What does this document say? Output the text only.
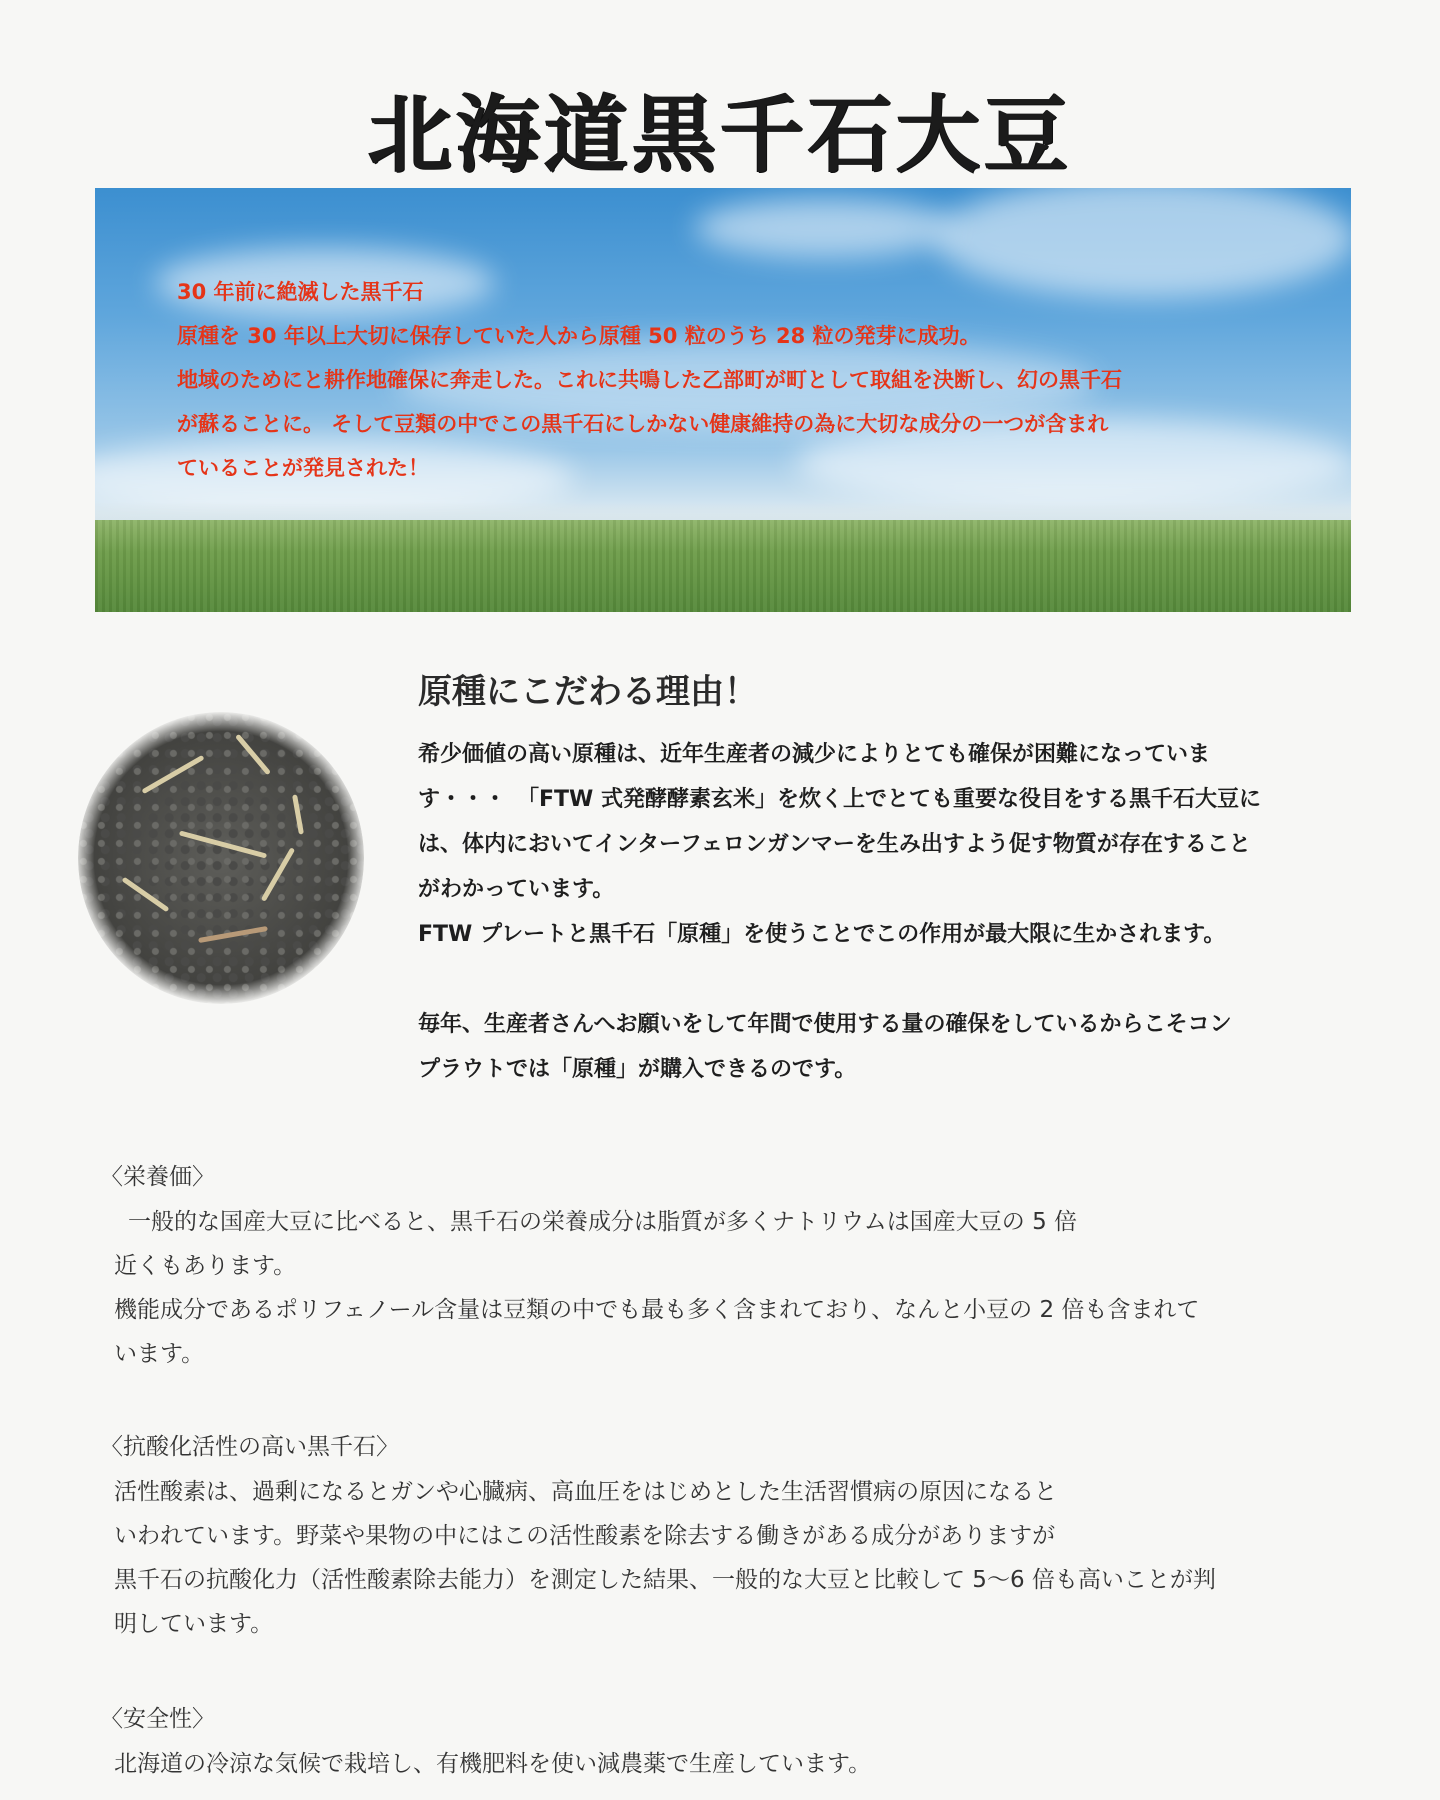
北海道黒千石大豆
30 年前に絶滅した黒千石
原種を 30 年以上大切に保存していた人から原種 50 粒のうち 28 粒の発芽に成功。
地域のためにと耕作地確保に奔走した。これに共鳴した乙部町が町として取組を決断し、幻の黒千石
が蘇ることに。 そして豆類の中でこの黒千石にしかない健康維持の為に大切な成分の一つが含まれ
ていることが発見された！
原種にこだわる理由！
希少価値の高い原種は、近年生産者の減少によりとても確保が困難になっていま
す・・・　「FTW 式発酵酵素玄米」を炊く上でとても重要な役目をする黒千石大豆に
は、体内においてインターフェロンガンマーを生み出すよう促す物質が存在すること
がわかっています。
FTW プレートと黒千石「原種」を使うことでこの作用が最大限に生かされます。
毎年、生産者さんへお願いをして年間で使用する量の確保をしているからこそコン
プラウトでは「原種」が購入できるのです。
〈栄養価〉
一般的な国産大豆に比べると、黒千石の栄養成分は脂質が多くナトリウムは国産大豆の 5 倍
近くもあります。
機能成分であるポリフェノール含量は豆類の中でも最も多く含まれており、なんと小豆の 2 倍も含まれて
います。
〈抗酸化活性の高い黒千石〉
活性酸素は、過剰になるとガンや心臓病、高血圧をはじめとした生活習慣病の原因になると
いわれています。野菜や果物の中にはこの活性酸素を除去する働きがある成分がありますが
黒千石の抗酸化力（活性酸素除去能力）を測定した結果、一般的な大豆と比較して 5〜6 倍も高いことが判
明しています。
〈安全性〉
北海道の冷涼な気候で栽培し、有機肥料を使い減農薬で生産しています。
